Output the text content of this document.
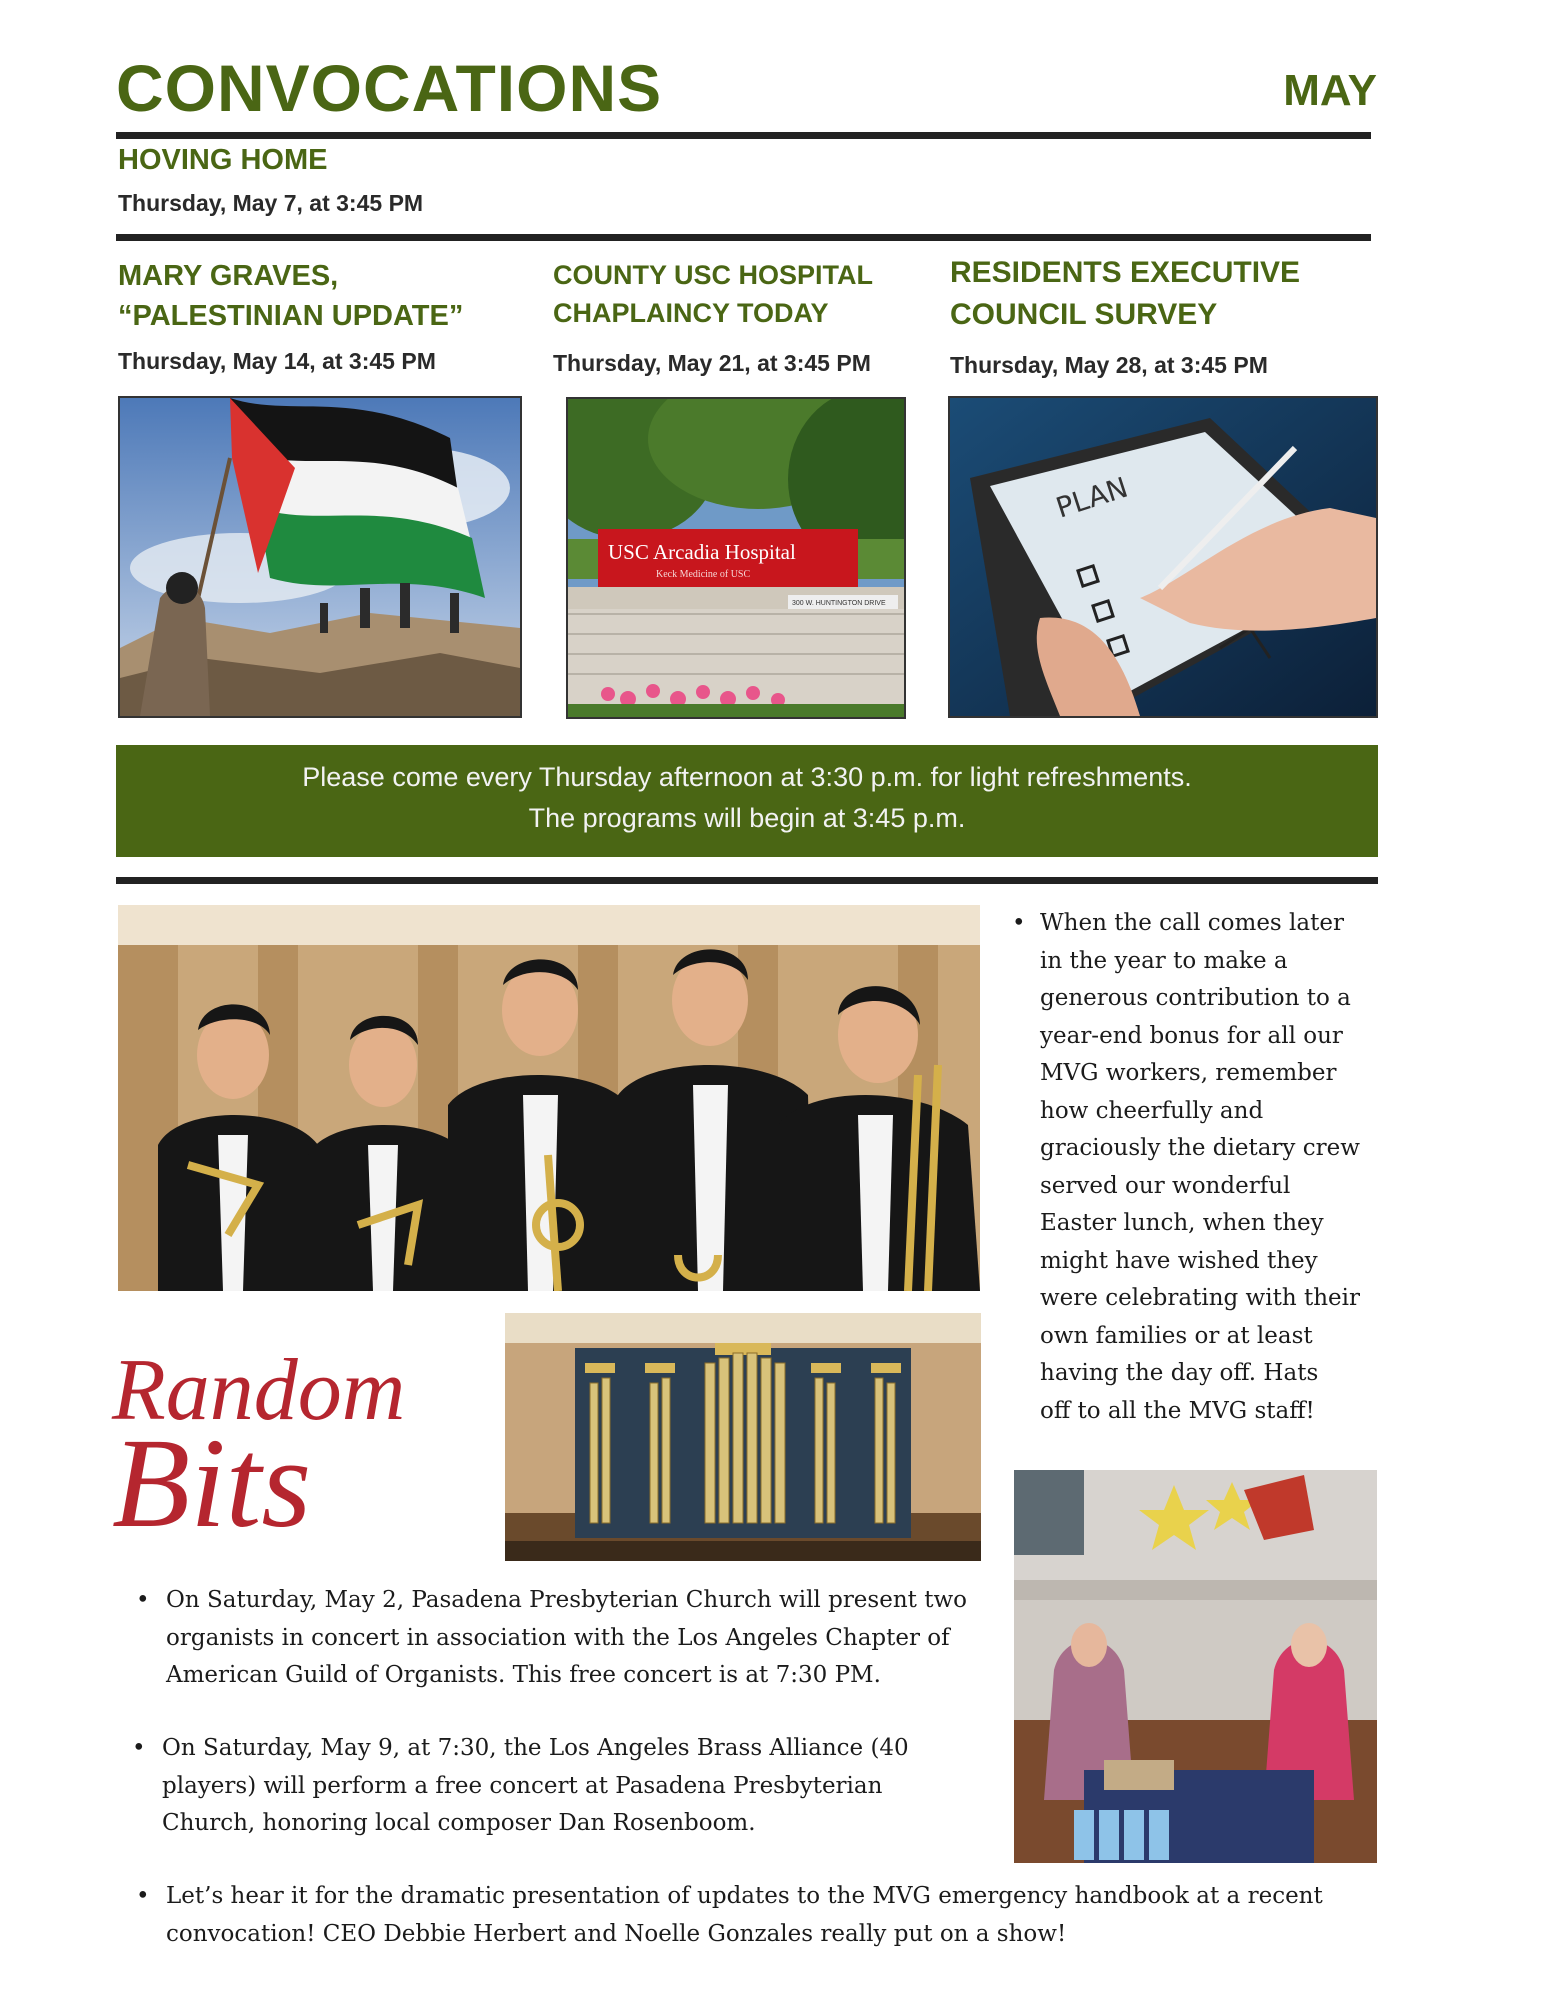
CONVOCATIONS	MAY
HOVING HOME
Thursday, May 7, at 3:45 PM
MARY GRAVES,
“PALESTINIAN UPDATE”
Thursday, May 14, at 3:45 PM
COUNTY USC HOSPITAL
CHAPLAINCY TODAY
Thursday, May 21, at 3:45 PM
RESIDENTS EXECUTIVE
COUNCIL SURVEY
Thursday, May 28, at 3:45 PM
300 W. HUNTINGTON DRIVE
USC Arcadia Hospital
Keck Medicine of USC
PLAN
Please come every Thursday afternoon at 3:30 p.m. for light refreshments.
The programs will begin at 3:45 p.m.
• When the call comes later
in the year to make a
generous contribution to a
year-end bonus for all our
MVG workers, remember
how cheerfully and
graciously the dietary crew
served our wonderful
Easter lunch, when they
might have wished they
were celebrating with their
own families or at least
having the day off. Hats
off to all the MVG staff!
Random
Bits
• On Saturday, May 2, Pasadena Presbyterian Church will present two
organists in concert in association with the Los Angeles Chapter of
American Guild of Organists. This free concert is at 7:30 PM.
• On Saturday, May 9, at 7:30, the Los Angeles Brass Alliance (40
players) will perform a free concert at Pasadena Presbyterian
Church, honoring local composer Dan Rosenboom.
• Let’s hear it for the dramatic presentation of updates to the MVG emergency handbook at a recent
convocation! CEO Debbie Herbert and Noelle Gonzales really put on a show!
